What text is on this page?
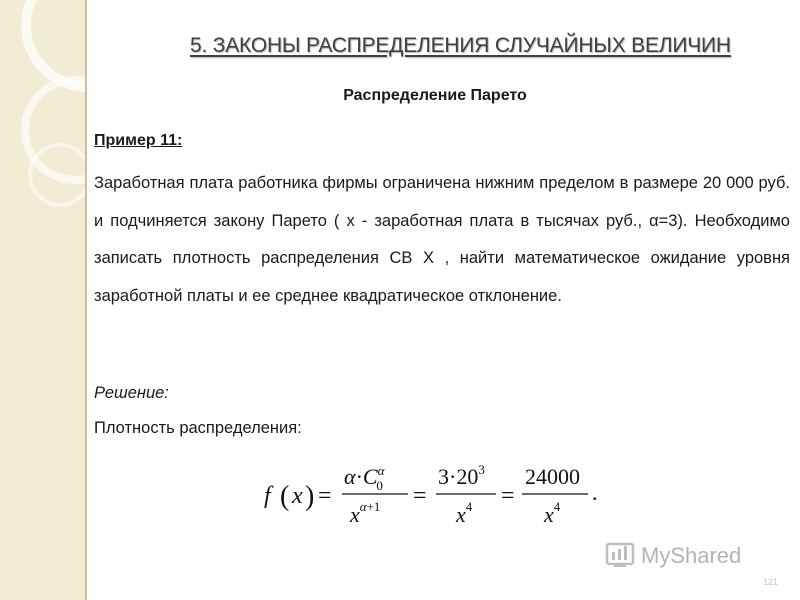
5. ЗАКОНЫ РАСПРЕДЕЛЕНИЯ СЛУЧАЙНЫХ ВЕЛИЧИН
Распределение Парето
Пример 11:

Заработная плата работника фирмы ограничена нижним пределом в размере 20 000 руб. и подчиняется закону Парето ( x - заработная плата в тысячах руб., α=3). Необходимо записать плотность распределения СВ X , найти математическое ожидание уровня заработной платы и ее среднее квадратическое отклонение.

Решение:
Плотность распределения:
f ( x ) =
$\alpha\cdot C^\alpha$ 0
$x^{\alpha+1}$ =
$3\cdot 20^3$
$x^4$ =
24000
$x^4$
.
MyShared
121
